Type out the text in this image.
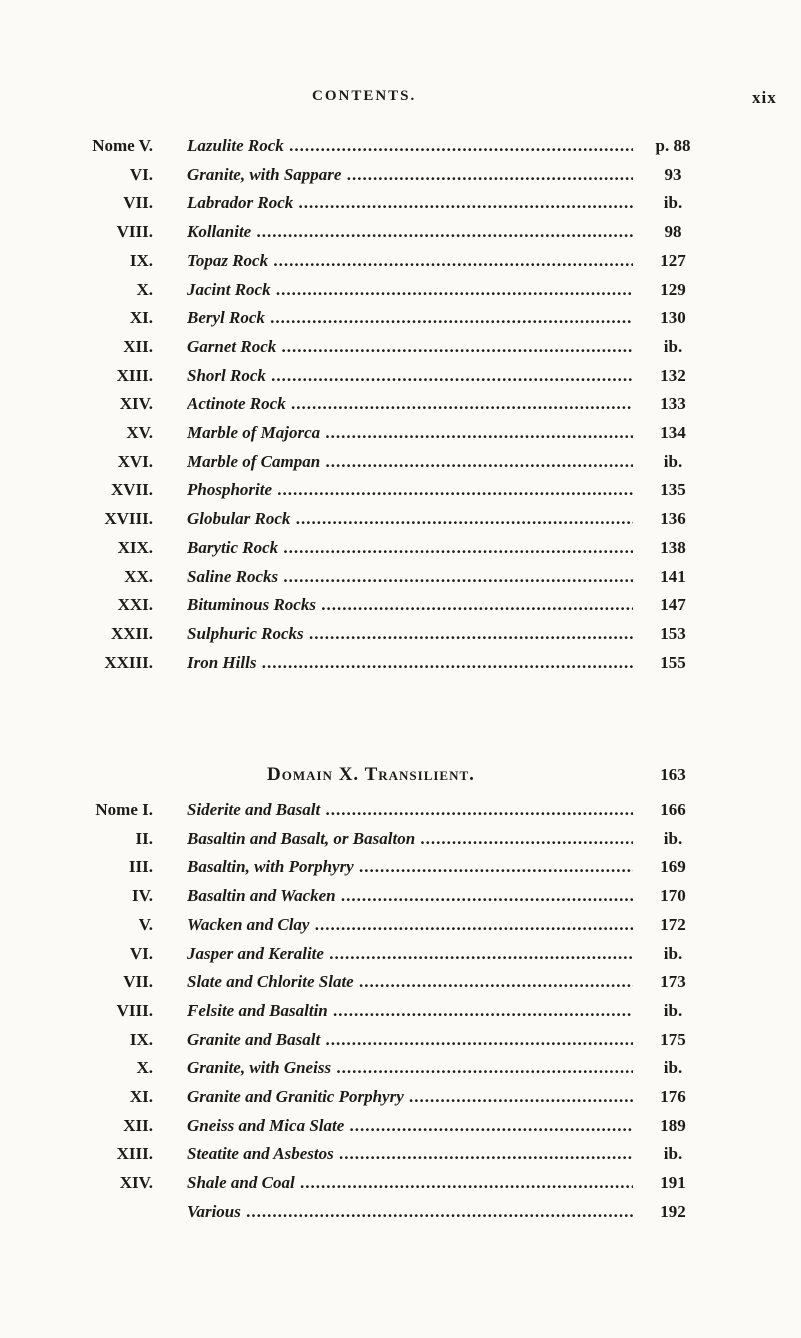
CONTENTS.	xix
Nome V. Lazulite Rock .....	p. 88
VI. Granite, with Sappare .....	93
VII. Labrador Rock .....	ib.
VIII. Kollanite .....	98
IX. Topaz Rock .....	127
X. Jacint Rock .....	129
XI. Beryl Rock .....	130
XII. Garnet Rock .....	ib.
XIII. Shorl Rock .....	132
XIV. Actinote Rock .....	133
XV. Marble of Majorca .....	134
XVI. Marble of Campan .....	ib.
XVII. Phosphorite .....	135
XVIII. Globular Rock .....	136
XIX. Barytic Rock .....	138
XX. Saline Rocks .....	141
XXI. Bituminous Rocks .....	147
XXII. Sulphuric Rocks .....	153
XXIII. Iron Hills .....	155
Domain X. Transilient.	163
Nome I. Siderite and Basalt .....	166
II. Basaltin and Basalt, or Basalton .....	ib.
III. Basaltin, with Porphyry .....	169
IV. Basaltin and Wacken .....	170
V. Wacken and Clay .....	172
VI. Jasper and Keralite .....	ib.
VII. Slate and Chlorite Slate .....	173
VIII. Felsite and Basaltin .....	ib.
IX. Granite and Basalt .....	175
X. Granite, with Gneiss .....	ib.
XI. Granite and Granitic Porphyry .....	176
XII. Gneiss and Mica Slate .....	189
XIII. Steatite and Asbestos .....	ib.
XIV. Shale and Coal .....	191
Various .....	192
